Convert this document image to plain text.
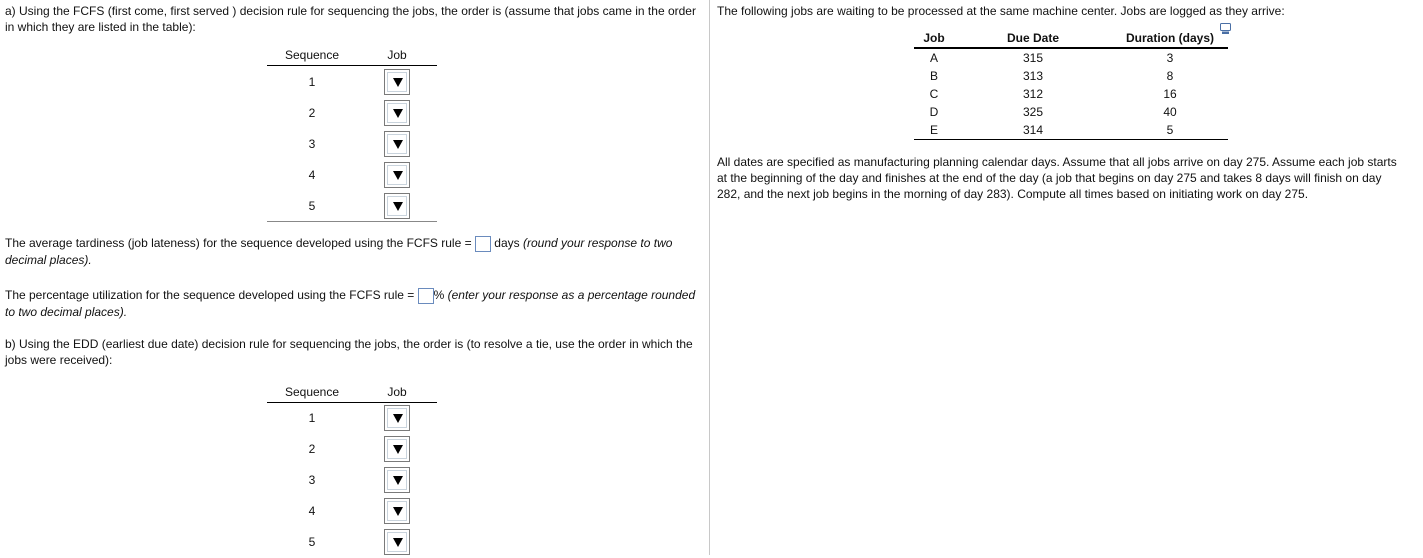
a) Using the FCFS (first come, first served ) decision rule for sequencing the jobs, the order is (assume that jobs came in the order in which they are listed in the table):

Sequence	Job
1	

2	

3	

4	

5	

The average tardiness (job lateness) for the sequence developed using the FCFS rule = days (round your response to two decimal places).

The percentage utilization for the sequence developed using the FCFS rule = % (enter your response as a percentage rounded to two decimal places).

b) Using the EDD (earliest due date) decision rule for sequencing the jobs, the order is (to resolve a tie, use the order in which the jobs were received):

Sequence	Job
1	

2	

3	

4	

5	

The following jobs are waiting to be processed at the same machine center. Jobs are logged as they arrive:

Job	Due Date	Duration (days)
A	315	3
B	313	8
C	312	16
D	325	40
E	314	5

All dates are specified as manufacturing planning calendar days. Assume that all jobs arrive on day 275. Assume each job starts at the beginning of the day and finishes at the end of the day (a job that begins on day 275 and takes 8 days will finish on day 282, and the next job begins in the morning of day 283). Compute all times based on initiating work on day 275.
